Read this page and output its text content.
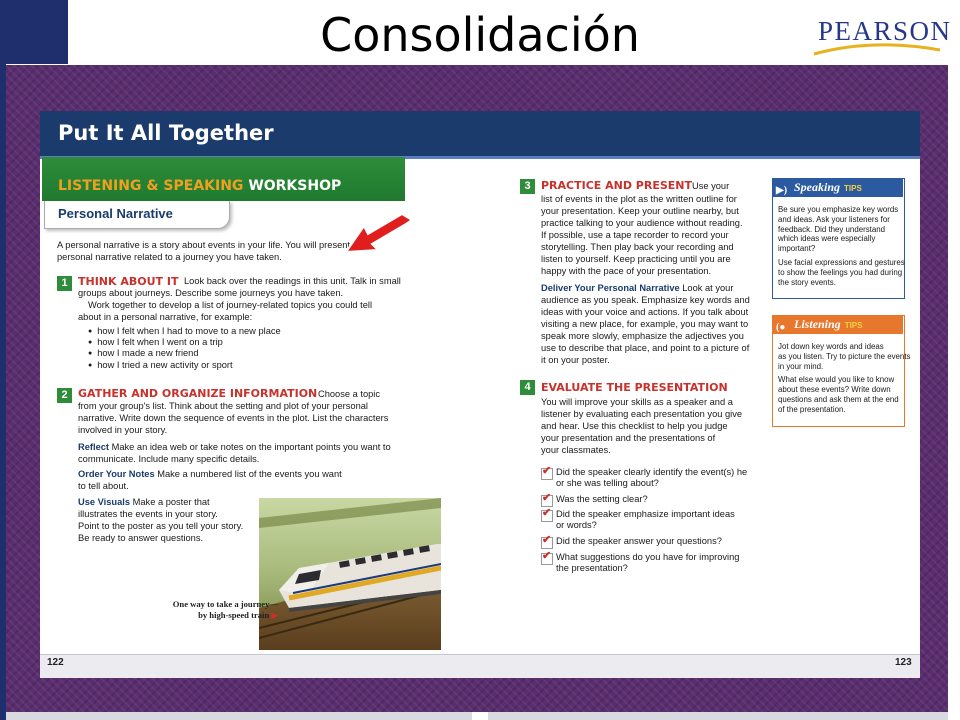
Consolidación	PEARSON
Put It All Together
LISTENING & SPEAKING WORKSHOP
Personal Narrative
A personal narrative is a story about events in your life. You will present
personal narrative related to a journey you have taken.
1 THINK ABOUT IT Look back over the readings in this unit. Talk in small
groups about journeys. Describe some journeys you have taken.
Work together to develop a list of journey-related topics you could tell
about in a personal narrative, for example:
● how I felt when I had to move to a new place
● how I felt when I went on a trip
● how I made a new friend
● how I tried a new activity or sport
2 GATHER AND ORGANIZE INFORMATION Choose a topic
from your group's list. Think about the setting and plot of your personal
narrative. Write down the sequence of events in the plot. List the characters
involved in your story.
Reflect Make an idea web or take notes on the important points you want to
communicate. Include many specific details.
Order Your Notes Make a numbered list of the events you want
to tell about.
Use Visuals Make a poster that
illustrates the events in your story.
Point to the poster as you tell your story.
Be ready to answer questions.
One way to take a journey—
by high-speed train ▶
3 PRACTICE AND PRESENT Use your
list of events in the plot as the written outline for
your presentation. Keep your outline nearby, but
practice talking to your audience without reading.
If possible, use a tape recorder to record your
storytelling. Then play back your recording and
listen to yourself. Keep practicing until you are
happy with the pace of your presentation.
Deliver Your Personal Narrative Look at your
audience as you speak. Emphasize key words and
ideas with your voice and actions. If you talk about
visiting a new place, for example, you may want to
speak more slowly, emphasize the adjectives you
use to describe that place, and point to a picture of
it on your poster.
4 EVALUATE THE PRESENTATION
You will improve your skills as a speaker and a
listener by evaluating each presentation you give
and hear. Use this checklist to help you judge
your presentation and the presentations of
your classmates.
✔
Did the speaker clearly identify the event(s) he
or she was telling about?
✔
Was the setting clear?
✔
Did the speaker emphasize important ideas
or words?
✔
Did the speaker answer your questions?
✔
What suggestions do you have for improving
the presentation?
▶) Speaking TIPS
Be sure you emphasize key words
and ideas. Ask your listeners for
feedback. Did they understand
which ideas were especially
important?
Use facial expressions and gestures
to show the feelings you had during
the story events.
(● Listening TIPS
Jot down key words and ideas
as you listen. Try to picture the events
in your mind.
What else would you like to know
about these events? Write down
questions and ask them at the end
of the presentation.
122	123
